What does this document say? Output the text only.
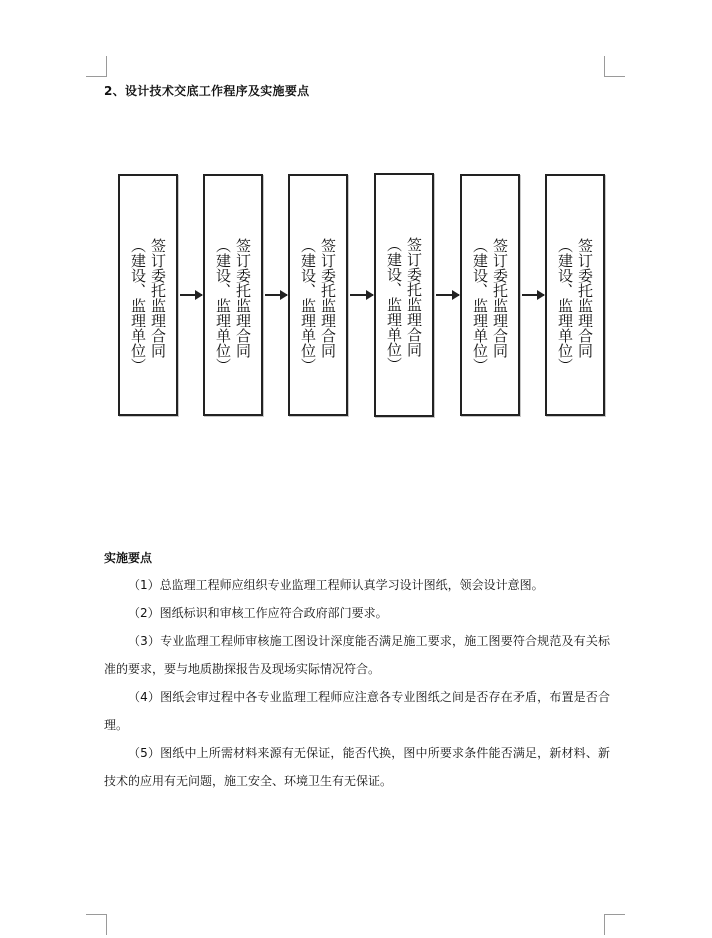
2、设计技术交底工作程序及实施要点
签订委托监理合同
（建设、监理单位）	签订委托监理合同
（建设、监理单位）	签订委托监理合同
（建设、监理单位）	签订委托监理合同
（建设、监理单位）	签订委托监理合同
（建设、监理单位）	签订委托监理合同
（建设、监理单位）
实施要点
（1）总监理工程师应组织专业监理工程师认真学习设计图纸，领会设计意图。
（2）图纸标识和审核工作应符合政府部门要求。
（3）专业监理工程师审核施工图设计深度能否满足施工要求，施工图要符合规范及有关标准的要求，要与地质勘探报告及现场实际情况符合。
（4）图纸会审过程中各专业监理工程师应注意各专业图纸之间是否存在矛盾，布置是否合理。
（5）图纸中上所需材料来源有无保证，能否代换，图中所要求条件能否满足，新材料、新技术的应用有无问题，施工安全、环境卫生有无保证。
